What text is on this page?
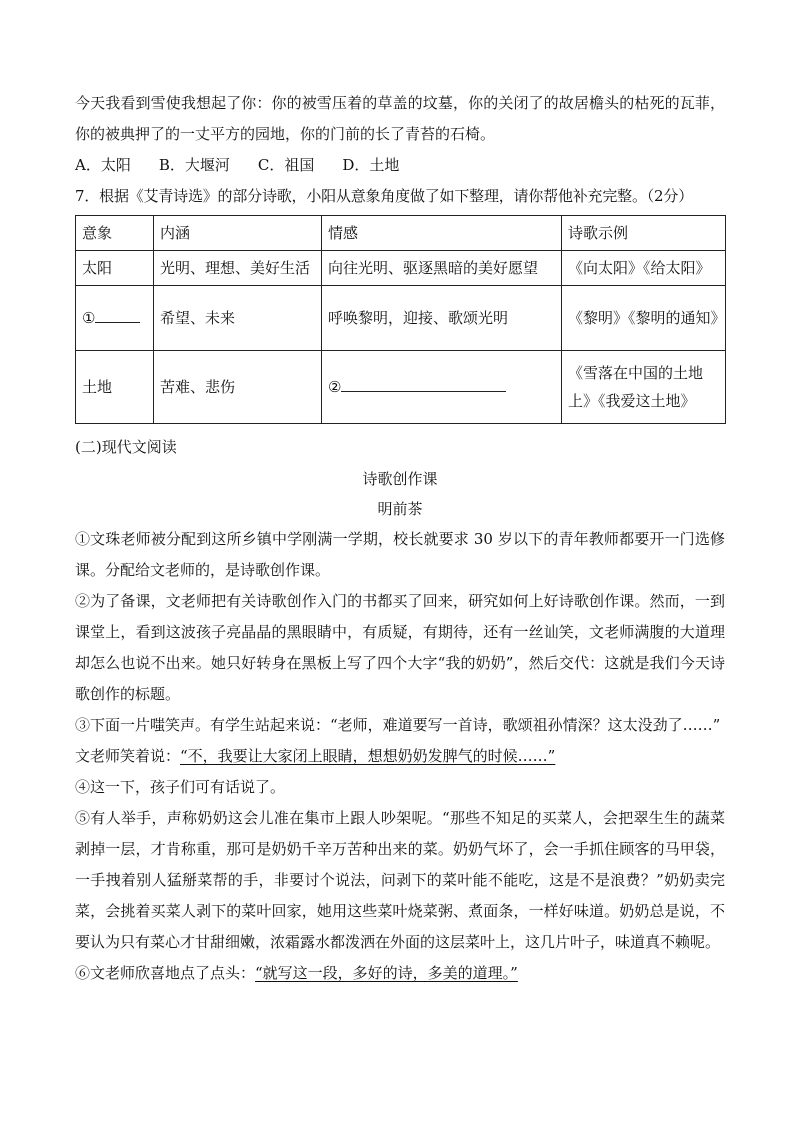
今天我看到雪使我想起了你：你的被雪压着的草盖的坟墓，你的关闭了的故居檐头的枯死的瓦菲，你的被典押了的一丈平方的园地，你的门前的长了青苔的石椅。

A．太阳 B．大堰河 C．祖国 D．土地
7．根据《艾青诗选》的部分诗歌，小阳从意象角度做了如下整理，请你帮他补充完整。（2分）
意象	内涵	情感	诗歌示例
太阳	光明、理想、美好生活	向往光明、驱逐黑暗的美好愿望	《向太阳》《给太阳》
①	希望、未来	呼唤黎明，迎接、歌颂光明	《黎明》《黎明的通知》
土地	苦难、悲伤	②	《雪落在中国的土地上》《我爱这土地》
(二)现代文阅读
诗歌创作课
明前茶

①文珠老师被分配到这所乡镇中学刚满一学期，校长就要求 30 岁以下的青年教师都要开一门选修课。分配给文老师的，是诗歌创作课。

②为了备课，文老师把有关诗歌创作入门的书都买了回来，研究如何上好诗歌创作课。然而，一到课堂上，看到这波孩子亮晶晶的黑眼睛中，有质疑，有期待，还有一丝讪笑，文老师满腹的大道理却怎么也说不出来。她只好转身在黑板上写了四个大字“我的奶奶”，然后交代：这就是我们今天诗歌创作的标题。

③下面一片嗤笑声。有学生站起来说：“老师，难道要写一首诗，歌颂祖孙情深？这太没劲了……”

文老师笑着说：“不，我要让大家闭上眼睛，想想奶奶发脾气的时候……”

④这一下，孩子们可有话说了。

⑤有人举手，声称奶奶这会儿准在集市上跟人吵架呢。“那些不知足的买菜人，会把翠生生的蔬菜剥掉一层，才肯称重，那可是奶奶千辛万苦种出来的菜。奶奶气坏了，会一手抓住顾客的马甲袋，一手拽着别人猛掰菜帮的手，非要讨个说法，问剥下的菜叶能不能吃，这是不是浪费？”奶奶卖完菜，会挑着买菜人剥下的菜叶回家，她用这些菜叶烧菜粥、煮面条，一样好味道。奶奶总是说，不要认为只有菜心才甘甜细嫩，浓霜露水都泼洒在外面的这层菜叶上，这几片叶子，味道真不赖呢。

⑥文老师欣喜地点了点头：“就写这一段，多好的诗，多美的道理。”
